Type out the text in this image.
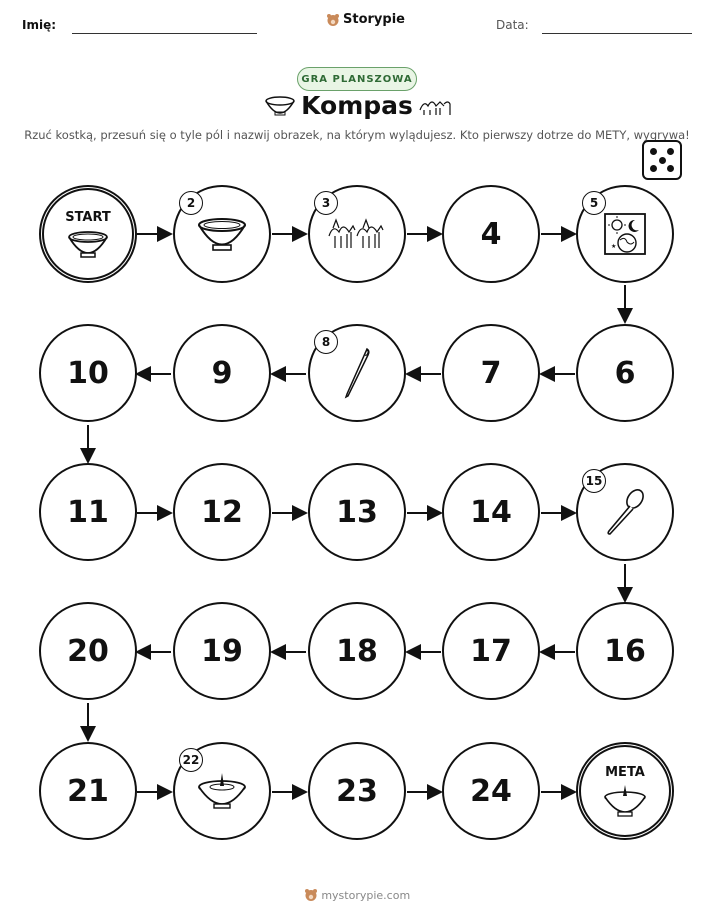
Imię:	Storypie	Data:
GRA PLANSZOWA
Kompas
Rzuć kostką, przesuń się o tyle pól i nazwij obrazek, na którym wylądujesz. Kto pierwszy dotrze do METY, wygrywa!
START
2	3
4
5
★
6
7
8
9
10
11	12	13	14
15
16
17
18
19
20
21
22
23	24
META
mystorypie.com
